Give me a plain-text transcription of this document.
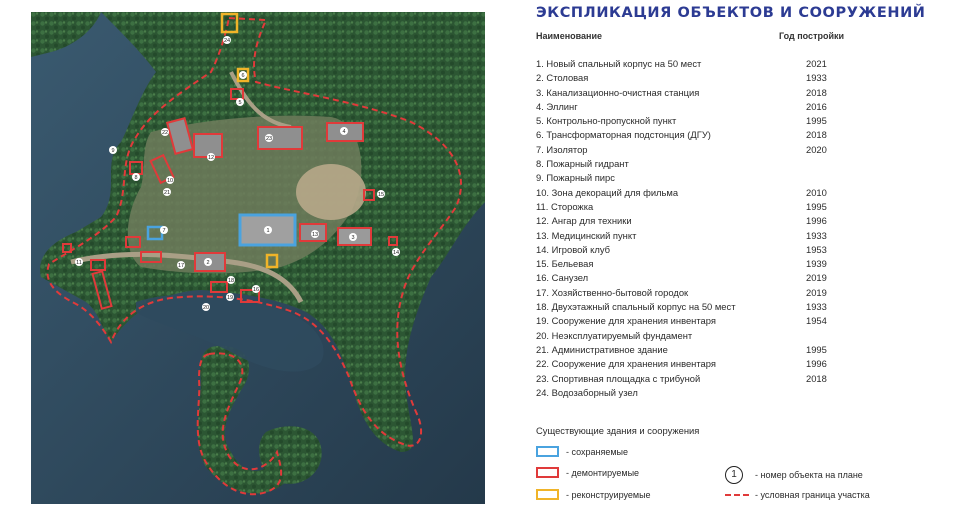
1
2
3
4
5
6
7
8
9
10
11
12
13
14
15
16
17
18
19
20
21
22
23
24
ЭКСПЛИКАЦИЯ ОБЪЕКТОВ И СООРУЖЕНИЙ
Наименование	Год постройки
1. Новый спальный корпус на 50 мест	2021
2. Столовая	1933
3. Канализационно-очистная станция	2018
4. Эллинг	2016
5. Контрольно-пропускной пункт	1995
6. Трансформаторная подстонция (ДГУ)	2018
7. Изолятор	2020
8. Пожарный гидрант
9. Пожарный пирс
10. Зона декораций для фильма	2010
11. Сторожка	1995
12. Ангар для техники	1996
13. Медицинский пункт	1933
14. Игровой клуб	1953
15. Бельевая	1939
16. Санузел	2019
17. Хозяйственно-бытовой городок	2019
18. Двухэтажный спальный корпус на 50 мест	1933
19. Сооружение для хранения инвентаря	1954
20. Неэксплуатируемый фундамент
21. Административное здание	1995
22. Сооружение для хранения инвентаря	1996
23. Спортивная площадка с трибуной	2018
24. Водозаборный узел
Существующие здания и сооружения
- сохраняемые
- демонтируемые
- реконструируемые
1	- номер объекта на плане
- условная граница участка
